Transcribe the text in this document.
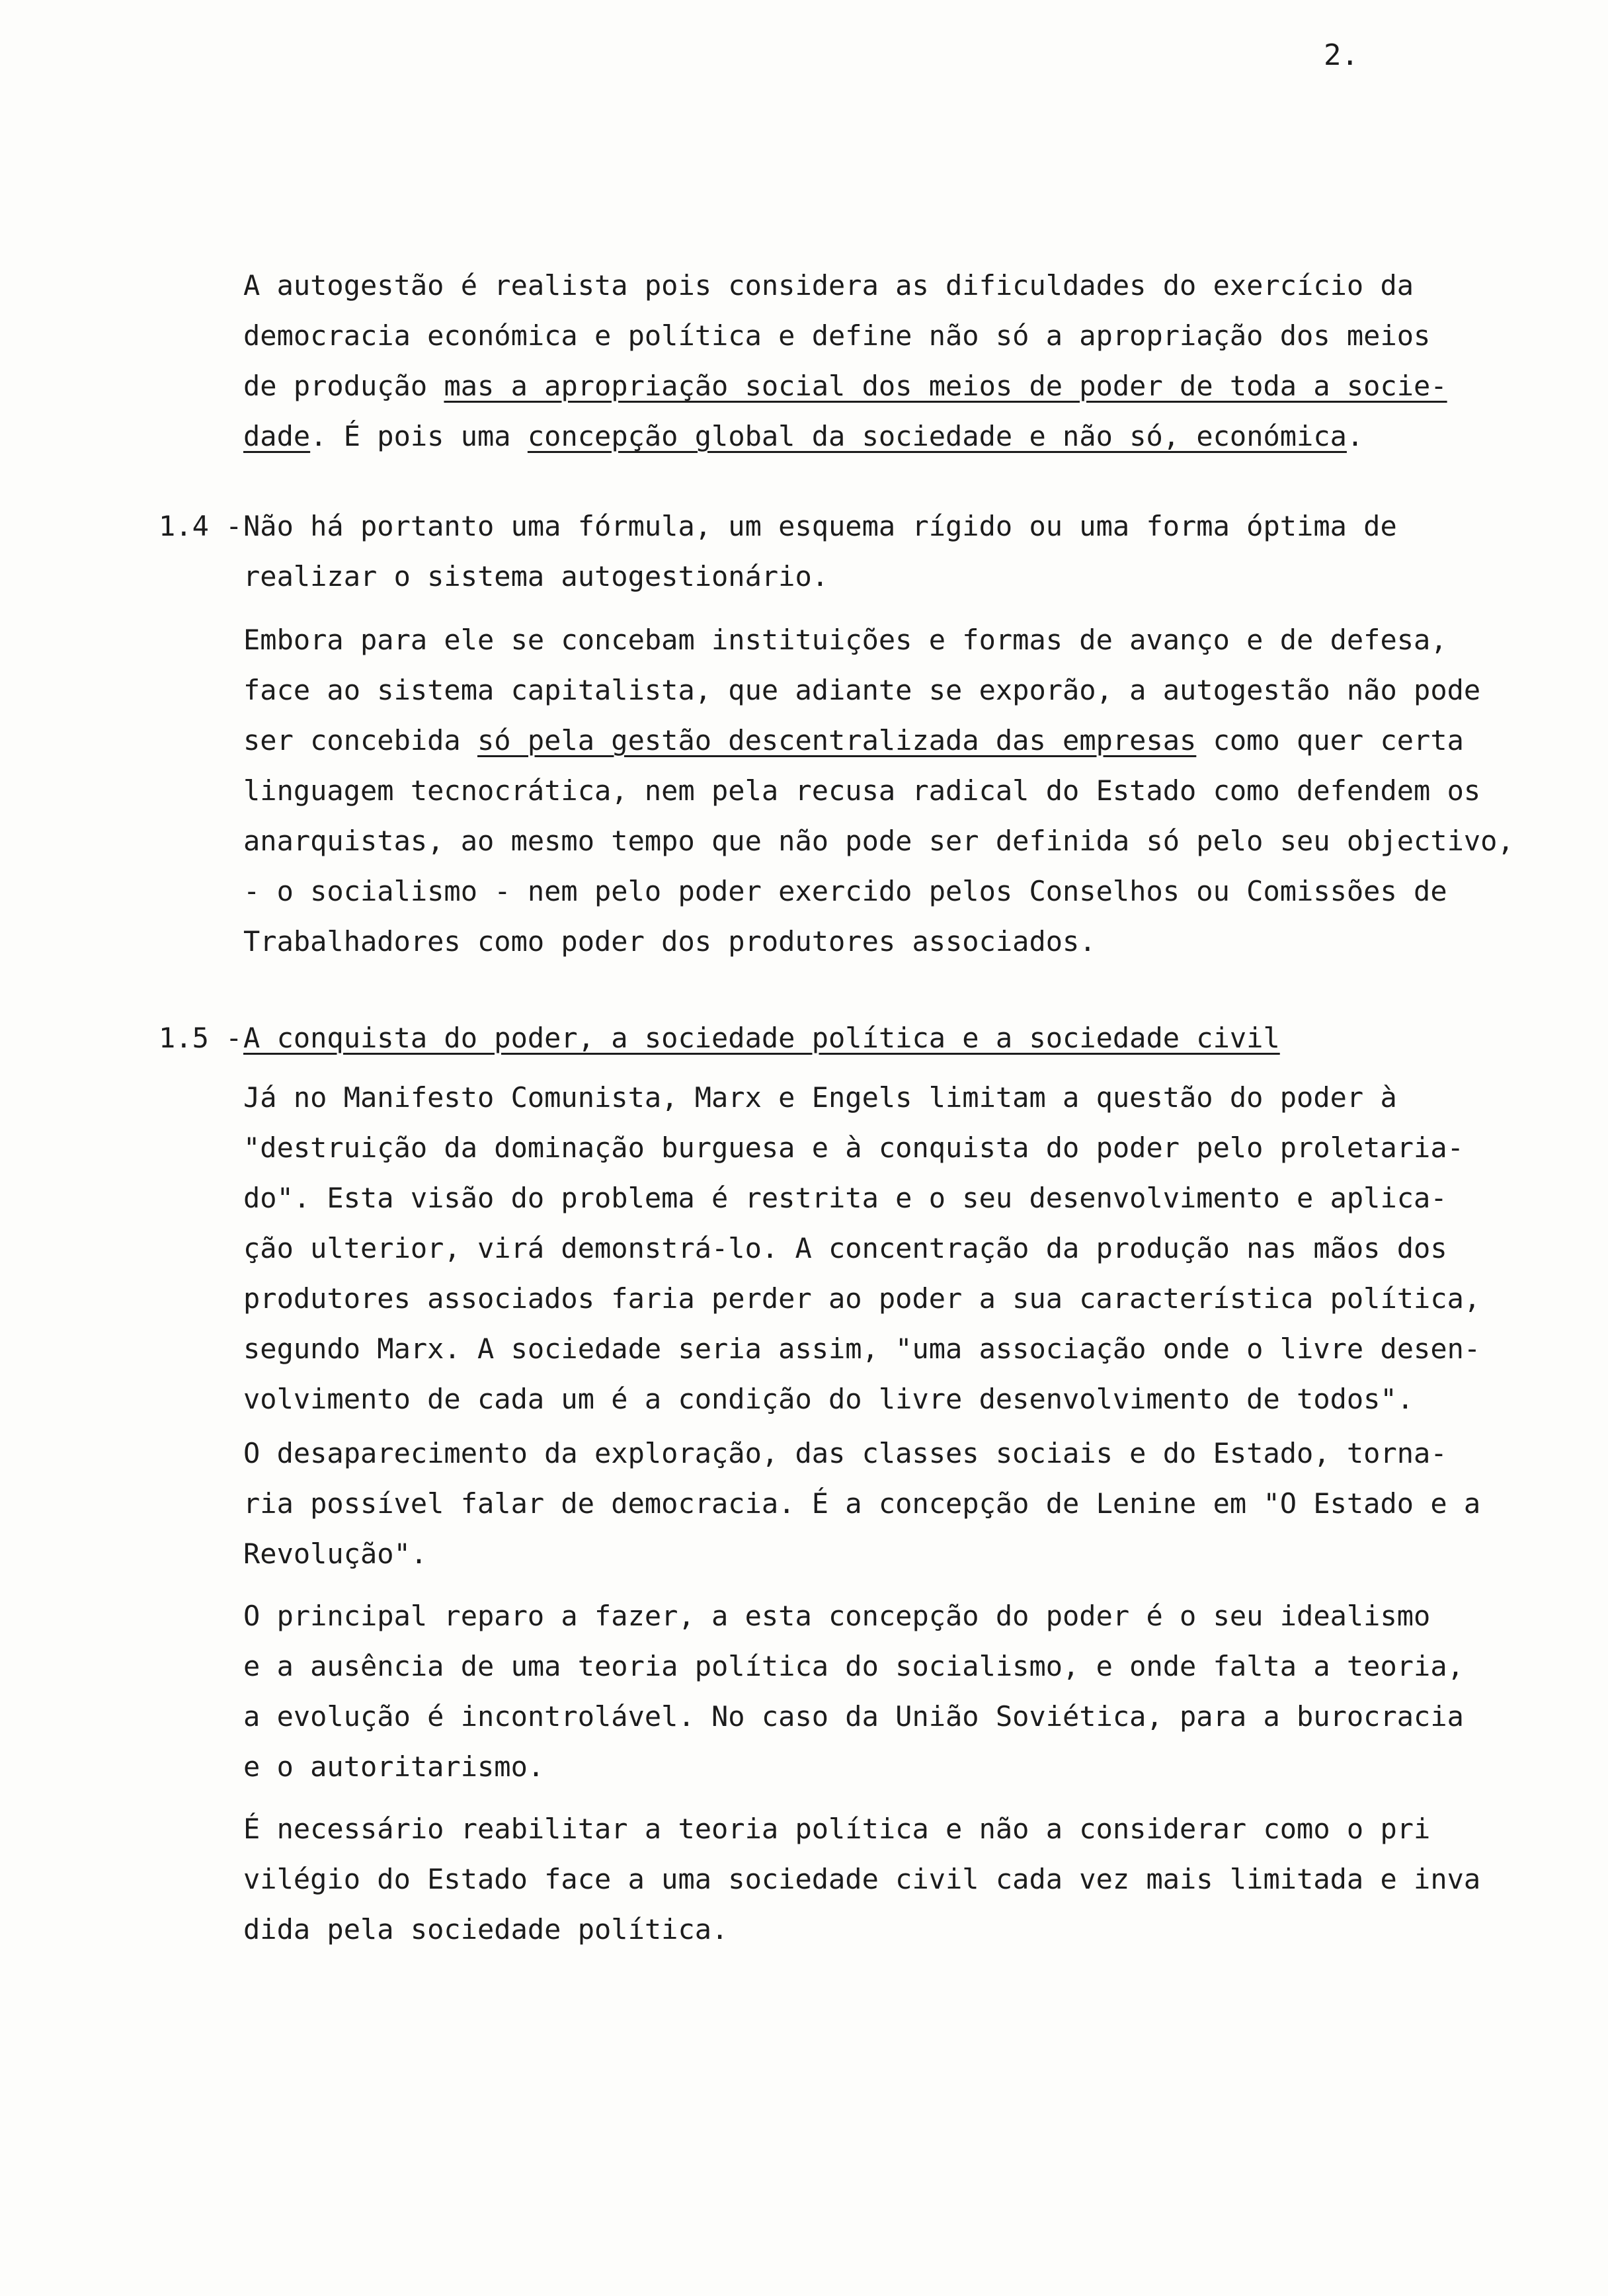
2.
A autogestão é realista pois considera as dificuldades do exercício da
democracia económica e política e define não só a apropriação dos meios
de produção mas a apropriação social dos meios de poder de toda a socie-
dade. É pois uma concepção global da sociedade e não só, económica.
1.4 - Não há portanto uma fórmula, um esquema rígido ou uma forma óptima de
realizar o sistema autogestionário.
Embora para ele se concebam instituições e formas de avanço e de defesa,
face ao sistema capitalista, que adiante se exporão, a autogestão não pode
ser concebida só pela gestão descentralizada das empresas como quer certa
linguagem tecnocrática, nem pela recusa radical do Estado como defendem os
anarquistas, ao mesmo tempo que não pode ser definida só pelo seu objectivo,
- o socialismo - nem pelo poder exercido pelos Conselhos ou Comissões de
Trabalhadores como poder dos produtores associados.
1.5 - A conquista do poder, a sociedade política e a sociedade civil
Já no Manifesto Comunista, Marx e Engels limitam a questão do poder à
"destruição da dominação burguesa e à conquista do poder pelo proletaria-
do". Esta visão do problema é restrita e o seu desenvolvimento e aplica-
ção ulterior, virá demonstrá-lo. A concentração da produção nas mãos dos
produtores associados faria perder ao poder a sua característica política,
segundo Marx. A sociedade seria assim, "uma associação onde o livre desen-
volvimento de cada um é a condição do livre desenvolvimento de todos".
O desaparecimento da exploração, das classes sociais e do Estado, torna-
ria possível falar de democracia. É a concepção de Lenine em "O Estado e a
Revolução".
O principal reparo a fazer, a esta concepção do poder é o seu idealismo
e a ausência de uma teoria política do socialismo, e onde falta a teoria,
a evolução é incontrolável. No caso da União Soviética, para a burocracia
e o autoritarismo.
É necessário reabilitar a teoria política e não a considerar como o pri
vilégio do Estado face a uma sociedade civil cada vez mais limitada e inva
dida pela sociedade política.
